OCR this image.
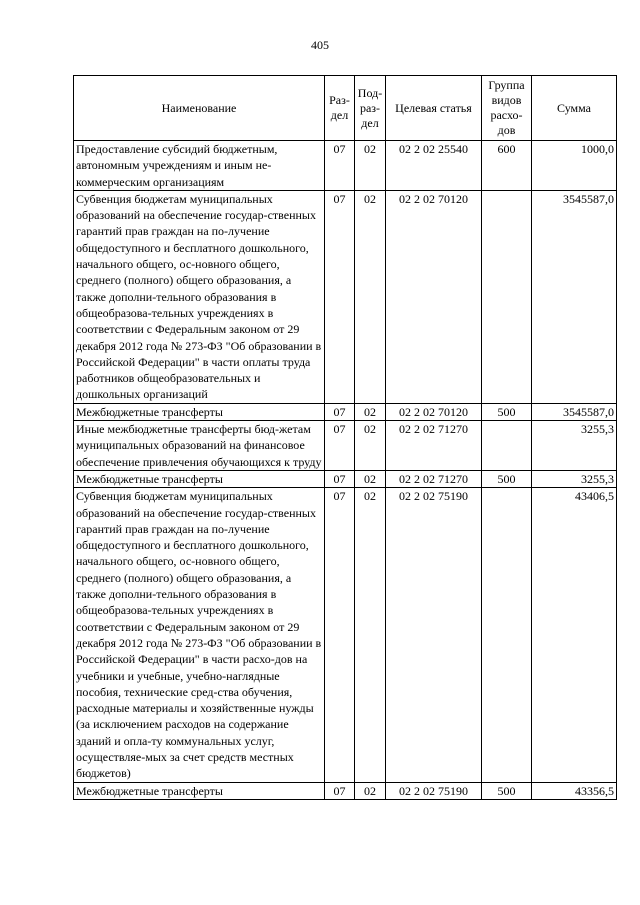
405
Наименование	Раз-дел	Под-раз-дел	Целевая статья	Группа видов расхо-дов	Сумма
Предоставление субсидий бюджетным, автономным учреждениям и иным не-коммерческим организациям	07	02	02 2 02 25540	600	1000,0
Субвенция бюджетам муниципальных образований на обеспечение государ-ственных гарантий прав граждан на по-лучение общедоступного и бесплатного дошкольного, начального общего, ос-новного общего, среднего (полного) общего образования, а также дополни-тельного образования в общеобразова-тельных учреждениях в соответствии с Федеральным законом от 29 декабря 2012 года № 273-ФЗ "Об образовании в Российской Федерации" в части оплаты труда работников общеобразовательных и дошкольных организаций	07	02	02 2 02 70120		3545587,0
Межбюджетные трансферты	07	02	02 2 02 70120	500	3545587,0
Иные межбюджетные трансферты бюд-жетам муниципальных образований на финансовое обеспечение привлечения обучающихся к труду	07	02	02 2 02 71270		3255,3
Межбюджетные трансферты	07	02	02 2 02 71270	500	3255,3
Субвенция бюджетам муниципальных образований на обеспечение государ-ственных гарантий прав граждан на по-лучение общедоступного и бесплатного дошкольного, начального общего, ос-новного общего, среднего (полного) общего образования, а также дополни-тельного образования в общеобразова-тельных учреждениях в соответствии с Федеральным законом от 29 декабря 2012 года № 273-ФЗ "Об образовании в Российской Федерации" в части расхо-дов на учебники и учебные, учебно-наглядные пособия, технические сред-ства обучения, расходные материалы и хозяйственные нужды (за исключением расходов на содержание зданий и опла-ту коммунальных услуг, осуществляе-мых за счет средств местных бюджетов)	07	02	02 2 02 75190		43406,5
Межбюджетные трансферты	07	02	02 2 02 75190	500	43356,5
